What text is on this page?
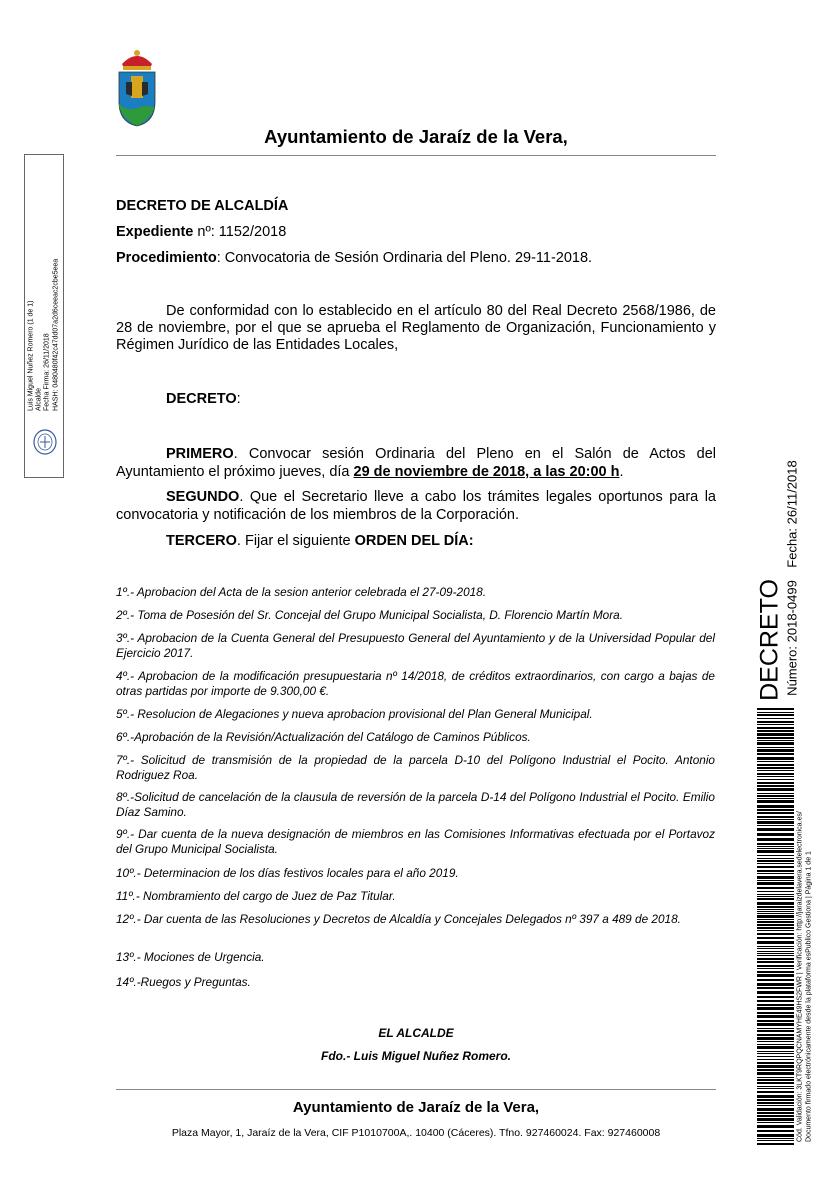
Ayuntamiento de Jaraíz de la Vera,
DECRETO DE ALCALDÍA
Expediente nº: 1152/2018
Procedimiento: Convocatoria de Sesión Ordinaria del Pleno. 29-11-2018.
De conformidad con lo establecido en el artículo 80 del Real Decreto 2568/1986, de 28 de noviembre, por el que se aprueba el Reglamento de Organización, Funcionamiento y Régimen Jurídico de las Entidades Locales,
DECRETO:
PRIMERO. Convocar sesión Ordinaria del Pleno en el Salón de Actos del Ayuntamiento el próximo jueves, día 29 de noviembre de 2018, a las 20:00 h.
SEGUNDO. Que el Secretario lleve a cabo los trámites legales oportunos para la convocatoria y notificación de los miembros de la Corporación.
TERCERO. Fijar el siguiente ORDEN DEL DÍA:
1º.- Aprobacion del Acta de la sesion anterior celebrada el 27-09-2018.
2º.- Toma de Posesión del Sr. Concejal del Grupo Municipal Socialista, D. Florencio Martín Mora.
3º.- Aprobacion de la Cuenta General del Presupuesto General del Ayuntamiento y de la Universidad Popular del Ejercicio 2017.
4º.- Aprobacion de la modificación presupuestaria nº 14/2018, de créditos extraordinarios, con cargo a bajas de otras partidas por importe de 9.300,00 €.
5º.- Resolucion de Alegaciones y nueva aprobacion provisional del Plan General Municipal.
6º.-Aprobación de la Revisión/Actualización del Catálogo de Caminos Públicos.
7º.- Solicitud de transmisión de la propiedad de la parcela D-10 del Polígono Industrial el Pocito. Antonio Rodriguez Roa.
8º.-Solicitud de cancelación de la clausula de reversión de la parcela D-14 del Polígono Industrial el Pocito. Emilio Díaz Samino.
9º.- Dar cuenta de la nueva designación de miembros en las Comisiones Informativas efectuada por el Portavoz del Grupo Municipal Socialista.
10º.- Determinacion de los días festivos locales para el año 2019.
11º.- Nombramiento del cargo de Juez de Paz Titular.
12º.- Dar cuenta de las Resoluciones y Decretos de Alcaldía y Concejales Delegados nº 397 a 489 de 2018.
13º.- Mociones de Urgencia.
14º.-Ruegos y Preguntas.
EL ALCALDE
Fdo.- Luis Miguel Nuñez Romero.
Ayuntamiento de Jaraíz de la Vera,
Plaza Mayor, 1, Jaraíz de la Vera, CIF P1010700A,. 10400 (Cáceres). Tfno. 927460024. Fax: 927460008
Luis Miguel Nuñez Romero (1 de 1) Alcalde Fecha Firma: 26/11/2018 HASH: 0480480f42c47dd07a2d6ceeac2cbe5eea
DECRETO Número: 2018-0499
Fecha: 26/11/2018
Cód. Validación: 3LKT9RQPQCNAMYHE49HS2FWR | Verificación: http://jaraizdelavera.sedelectronica.es/ Documento firmado electrónicamente desde la plataforma esPublico Gestiona | Página 1 de 1
